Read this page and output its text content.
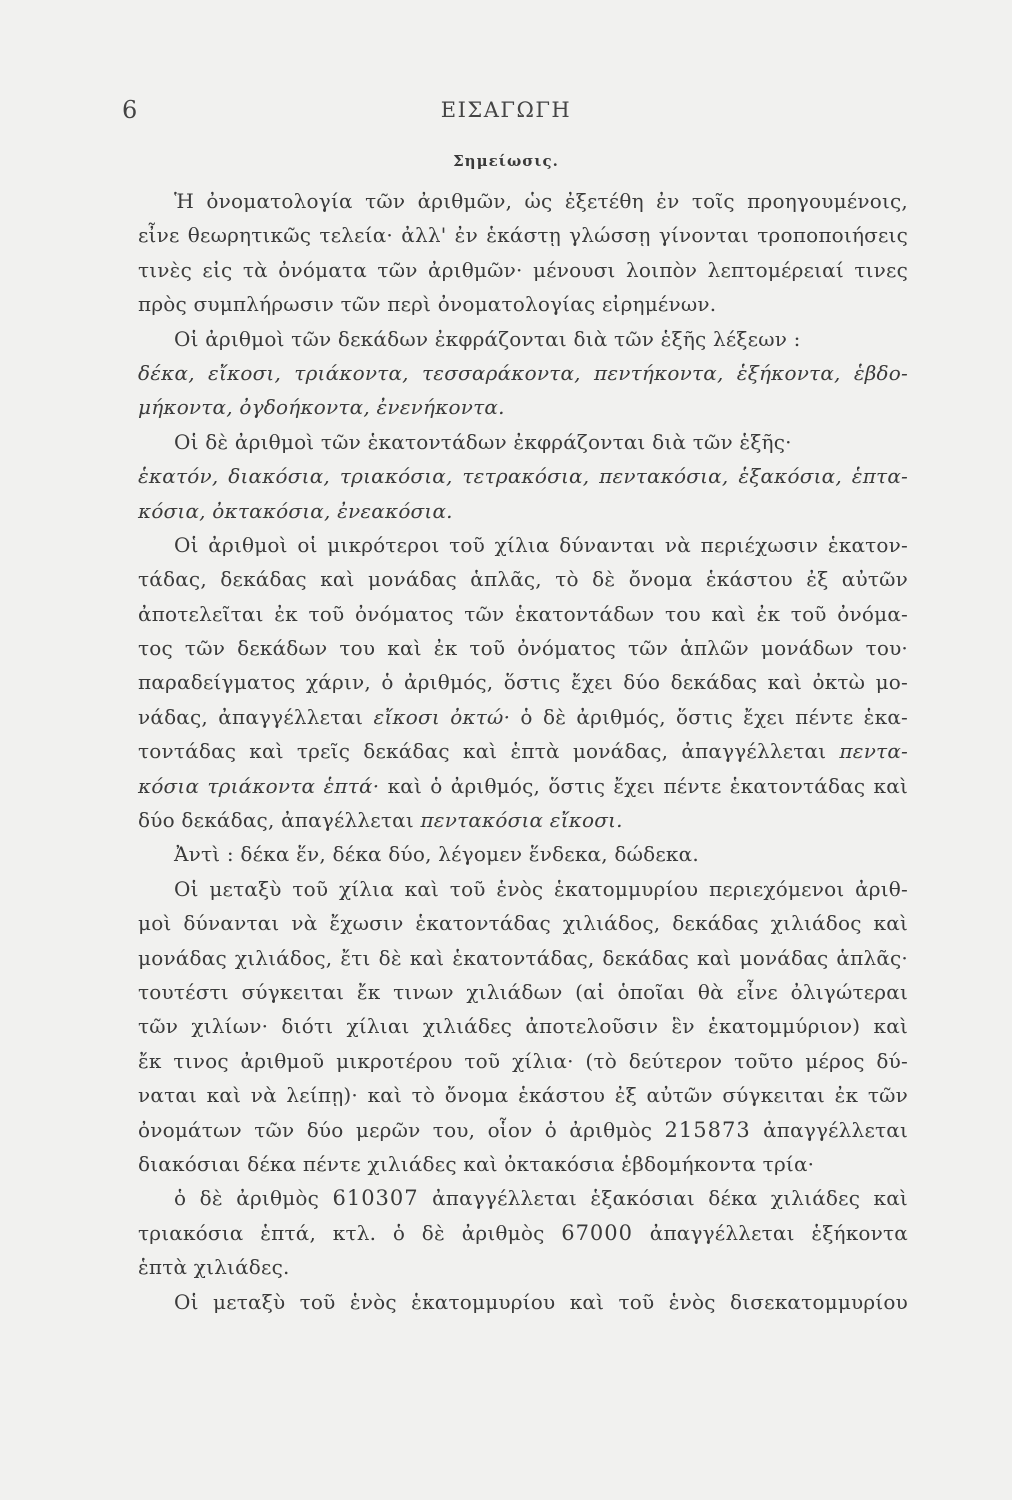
6	ΕΙΣΑΓΩΓΗ
Σημείωσις.
Ἡ ὀνοματολογία τῶν ἀριθμῶν, ὡς ἐξετέθη ἐν τοῖς προηγουμένοις,
εἶνε θεωρητικῶς τελεία· ἀλλ' ἐν ἑκάστῃ γλώσσῃ γίνονται τροποποιήσεις
τινὲς εἰς τὰ ὀνόματα τῶν ἀριθμῶν· μένουσι λοιπὸν λεπτομέρειαί τινες
πρὸς συμπλήρωσιν τῶν περὶ ὀνοματολογίας εἰρημένων.
Οἱ ἀριθμοὶ τῶν δεκάδων ἐκφράζονται διὰ τῶν ἑξῆς λέξεων :
δέκα, εἴκοσι, τριάκοντα, τεσσαράκοντα, πεντήκοντα, ἑξήκοντα, ἑβδο-
μήκοντα, ὀγδοήκοντα, ἐνενήκοντα.
Οἱ δὲ ἀριθμοὶ τῶν ἑκατοντάδων ἐκφράζονται διὰ τῶν ἑξῆς·
ἑκατόν, διακόσια, τριακόσια, τετρακόσια, πεντακόσια, ἑξακόσια, ἑπτα-
κόσια, ὀκτακόσια, ἐνεακόσια.
Οἱ ἀριθμοὶ οἱ μικρότεροι τοῦ χίλια δύνανται νὰ περιέχωσιν ἑκατον-
τάδας, δεκάδας καὶ μονάδας ἁπλᾶς, τὸ δὲ ὄνομα ἑκάστου ἐξ αὐτῶν
ἀποτελεῖται ἐκ τοῦ ὀνόματος τῶν ἑκατοντάδων του καὶ ἐκ τοῦ ὀνόμα-
τος τῶν δεκάδων του καὶ ἐκ τοῦ ὀνόματος τῶν ἁπλῶν μονάδων του·
παραδείγματος χάριν, ὁ ἀριθμός, ὅστις ἔχει δύο δεκάδας καὶ ὀκτὼ μο-
νάδας, ἀπαγγέλλεται εἴκοσι ὀκτώ· ὁ δὲ ἀριθμός, ὅστις ἔχει πέντε ἑκα-
τοντάδας καὶ τρεῖς δεκάδας καὶ ἑπτὰ μονάδας, ἀπαγγέλλεται πεντα-
κόσια τριάκοντα ἑπτά· καὶ ὁ ἀριθμός, ὅστις ἔχει πέντε ἑκατοντάδας καὶ
δύο δεκάδας, ἀπαγέλλεται πεντακόσια εἴκοσι.
Ἀντὶ : δέκα ἕν, δέκα δύο, λέγομεν ἕνδεκα, δώδεκα.
Οἱ μεταξὺ τοῦ χίλια καὶ τοῦ ἑνὸς ἑκατομμυρίου περιεχόμενοι ἀριθ-
μοὶ δύνανται νὰ ἔχωσιν ἑκατοντάδας χιλιάδος, δεκάδας χιλιάδος καὶ
μονάδας χιλιάδος, ἔτι δὲ καὶ ἑκατοντάδας, δεκάδας καὶ μονάδας ἁπλᾶς·
τουτέστι σύγκειται ἔκ τινων χιλιάδων (αἱ ὁποῖαι θὰ εἶνε ὀλιγώτεραι
τῶν χιλίων· διότι χίλιαι χιλιάδες ἀποτελοῦσιν ἓν ἑκατομμύριον) καὶ
ἔκ τινος ἀριθμοῦ μικροτέρου τοῦ χίλια· (τὸ δεύτερον τοῦτο μέρος δύ-
ναται καὶ νὰ λείπῃ)· καὶ τὸ ὄνομα ἑκάστου ἐξ αὐτῶν σύγκειται ἐκ τῶν
ὀνομάτων τῶν δύο μερῶν του, οἷον ὁ ἀριθμὸς 215873 ἀπαγγέλλεται
διακόσιαι δέκα πέντε χιλιάδες καὶ ὀκτακόσια ἑβδομήκοντα τρία·
ὁ δὲ ἀριθμὸς 610307 ἀπαγγέλλεται ἑξακόσιαι δέκα χιλιάδες καὶ
τριακόσια ἑπτά, κτλ. ὁ δὲ ἀριθμὸς 67000 ἀπαγγέλλεται ἑξήκοντα
ἑπτὰ χιλιάδες.
Οἱ μεταξὺ τοῦ ἑνὸς ἑκατομμυρίου καὶ τοῦ ἑνὸς δισεκατομμυρίου
